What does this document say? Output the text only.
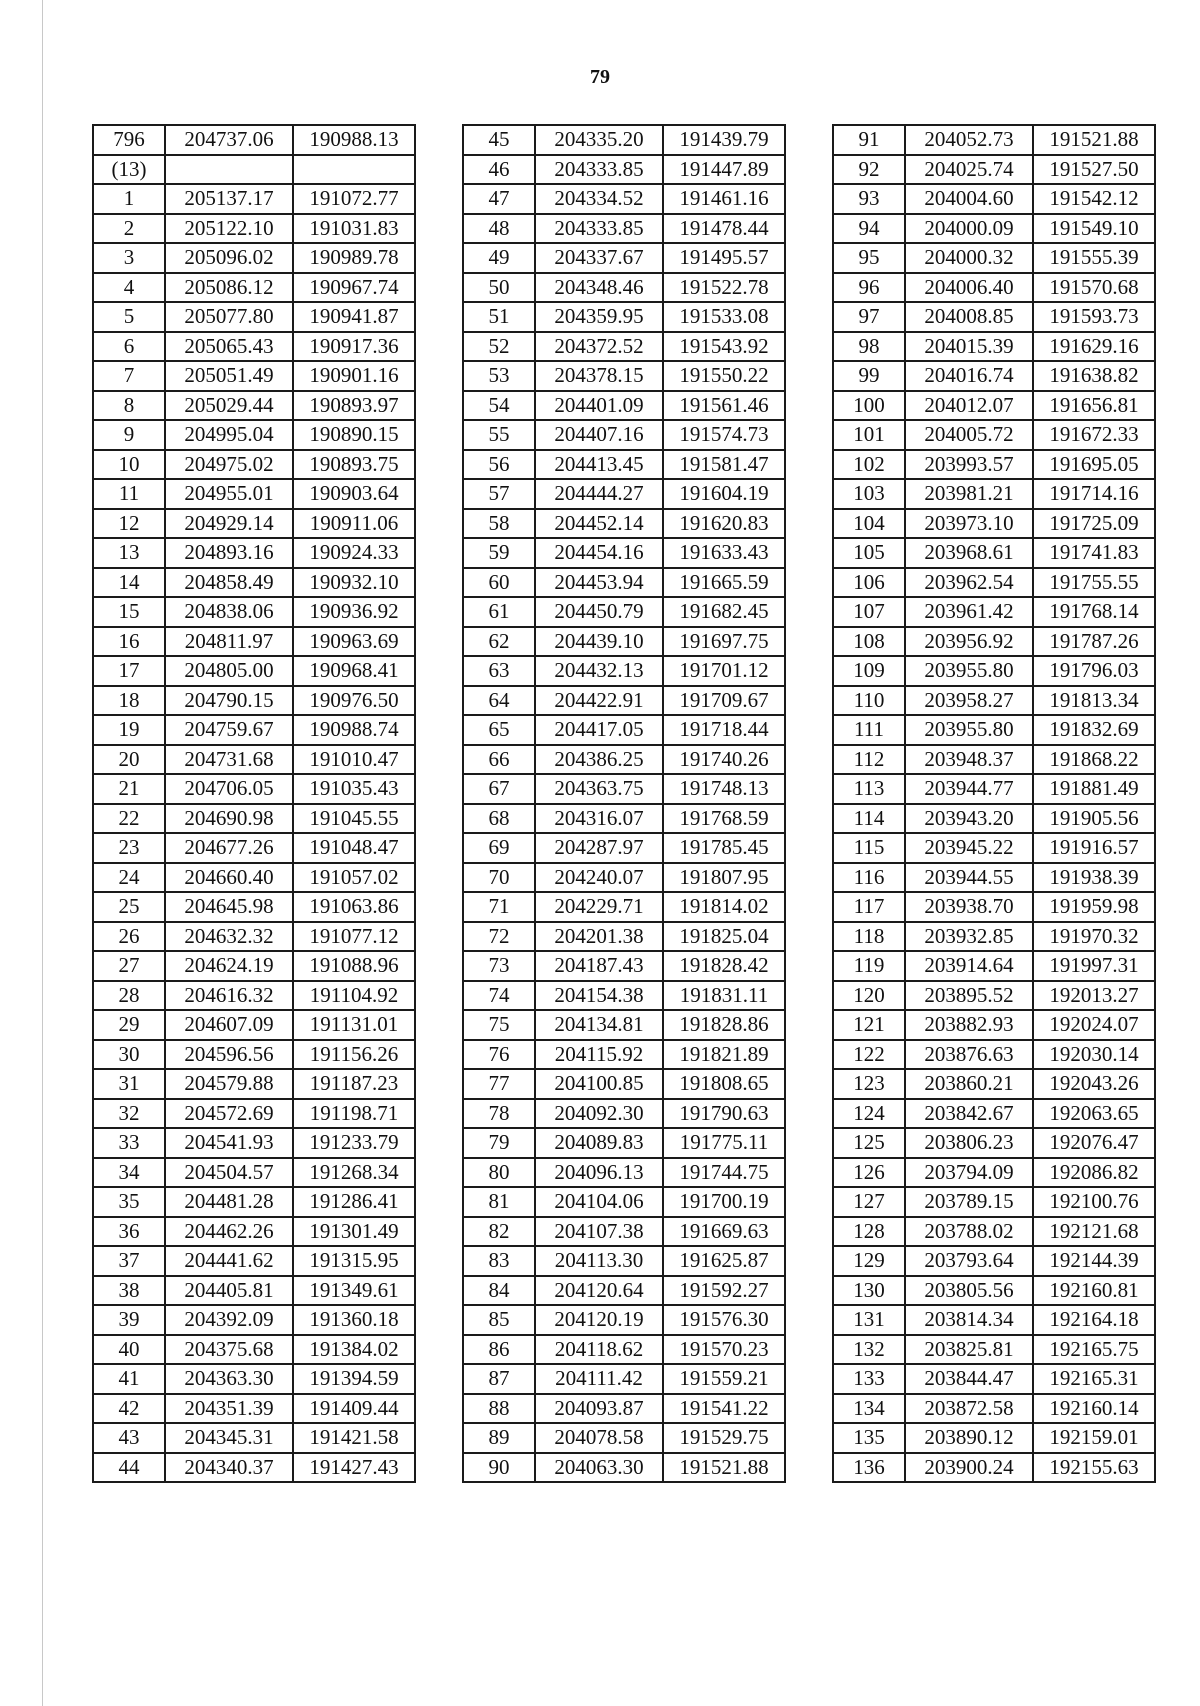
79
796	204737.06	190988.13
(13)		
1	205137.17	191072.77
2	205122.10	191031.83
3	205096.02	190989.78
4	205086.12	190967.74
5	205077.80	190941.87
6	205065.43	190917.36
7	205051.49	190901.16
8	205029.44	190893.97
9	204995.04	190890.15
10	204975.02	190893.75
11	204955.01	190903.64
12	204929.14	190911.06
13	204893.16	190924.33
14	204858.49	190932.10
15	204838.06	190936.92
16	204811.97	190963.69
17	204805.00	190968.41
18	204790.15	190976.50
19	204759.67	190988.74
20	204731.68	191010.47
21	204706.05	191035.43
22	204690.98	191045.55
23	204677.26	191048.47
24	204660.40	191057.02
25	204645.98	191063.86
26	204632.32	191077.12
27	204624.19	191088.96
28	204616.32	191104.92
29	204607.09	191131.01
30	204596.56	191156.26
31	204579.88	191187.23
32	204572.69	191198.71
33	204541.93	191233.79
34	204504.57	191268.34
35	204481.28	191286.41
36	204462.26	191301.49
37	204441.62	191315.95
38	204405.81	191349.61
39	204392.09	191360.18
40	204375.68	191384.02
41	204363.30	191394.59
42	204351.39	191409.44
43	204345.31	191421.58
44	204340.37	191427.43
45	204335.20	191439.79
46	204333.85	191447.89
47	204334.52	191461.16
48	204333.85	191478.44
49	204337.67	191495.57
50	204348.46	191522.78
51	204359.95	191533.08
52	204372.52	191543.92
53	204378.15	191550.22
54	204401.09	191561.46
55	204407.16	191574.73
56	204413.45	191581.47
57	204444.27	191604.19
58	204452.14	191620.83
59	204454.16	191633.43
60	204453.94	191665.59
61	204450.79	191682.45
62	204439.10	191697.75
63	204432.13	191701.12
64	204422.91	191709.67
65	204417.05	191718.44
66	204386.25	191740.26
67	204363.75	191748.13
68	204316.07	191768.59
69	204287.97	191785.45
70	204240.07	191807.95
71	204229.71	191814.02
72	204201.38	191825.04
73	204187.43	191828.42
74	204154.38	191831.11
75	204134.81	191828.86
76	204115.92	191821.89
77	204100.85	191808.65
78	204092.30	191790.63
79	204089.83	191775.11
80	204096.13	191744.75
81	204104.06	191700.19
82	204107.38	191669.63
83	204113.30	191625.87
84	204120.64	191592.27
85	204120.19	191576.30
86	204118.62	191570.23
87	204111.42	191559.21
88	204093.87	191541.22
89	204078.58	191529.75
90	204063.30	191521.88
91	204052.73	191521.88
92	204025.74	191527.50
93	204004.60	191542.12
94	204000.09	191549.10
95	204000.32	191555.39
96	204006.40	191570.68
97	204008.85	191593.73
98	204015.39	191629.16
99	204016.74	191638.82
100	204012.07	191656.81
101	204005.72	191672.33
102	203993.57	191695.05
103	203981.21	191714.16
104	203973.10	191725.09
105	203968.61	191741.83
106	203962.54	191755.55
107	203961.42	191768.14
108	203956.92	191787.26
109	203955.80	191796.03
110	203958.27	191813.34
111	203955.80	191832.69
112	203948.37	191868.22
113	203944.77	191881.49
114	203943.20	191905.56
115	203945.22	191916.57
116	203944.55	191938.39
117	203938.70	191959.98
118	203932.85	191970.32
119	203914.64	191997.31
120	203895.52	192013.27
121	203882.93	192024.07
122	203876.63	192030.14
123	203860.21	192043.26
124	203842.67	192063.65
125	203806.23	192076.47
126	203794.09	192086.82
127	203789.15	192100.76
128	203788.02	192121.68
129	203793.64	192144.39
130	203805.56	192160.81
131	203814.34	192164.18
132	203825.81	192165.75
133	203844.47	192165.31
134	203872.58	192160.14
135	203890.12	192159.01
136	203900.24	192155.63
